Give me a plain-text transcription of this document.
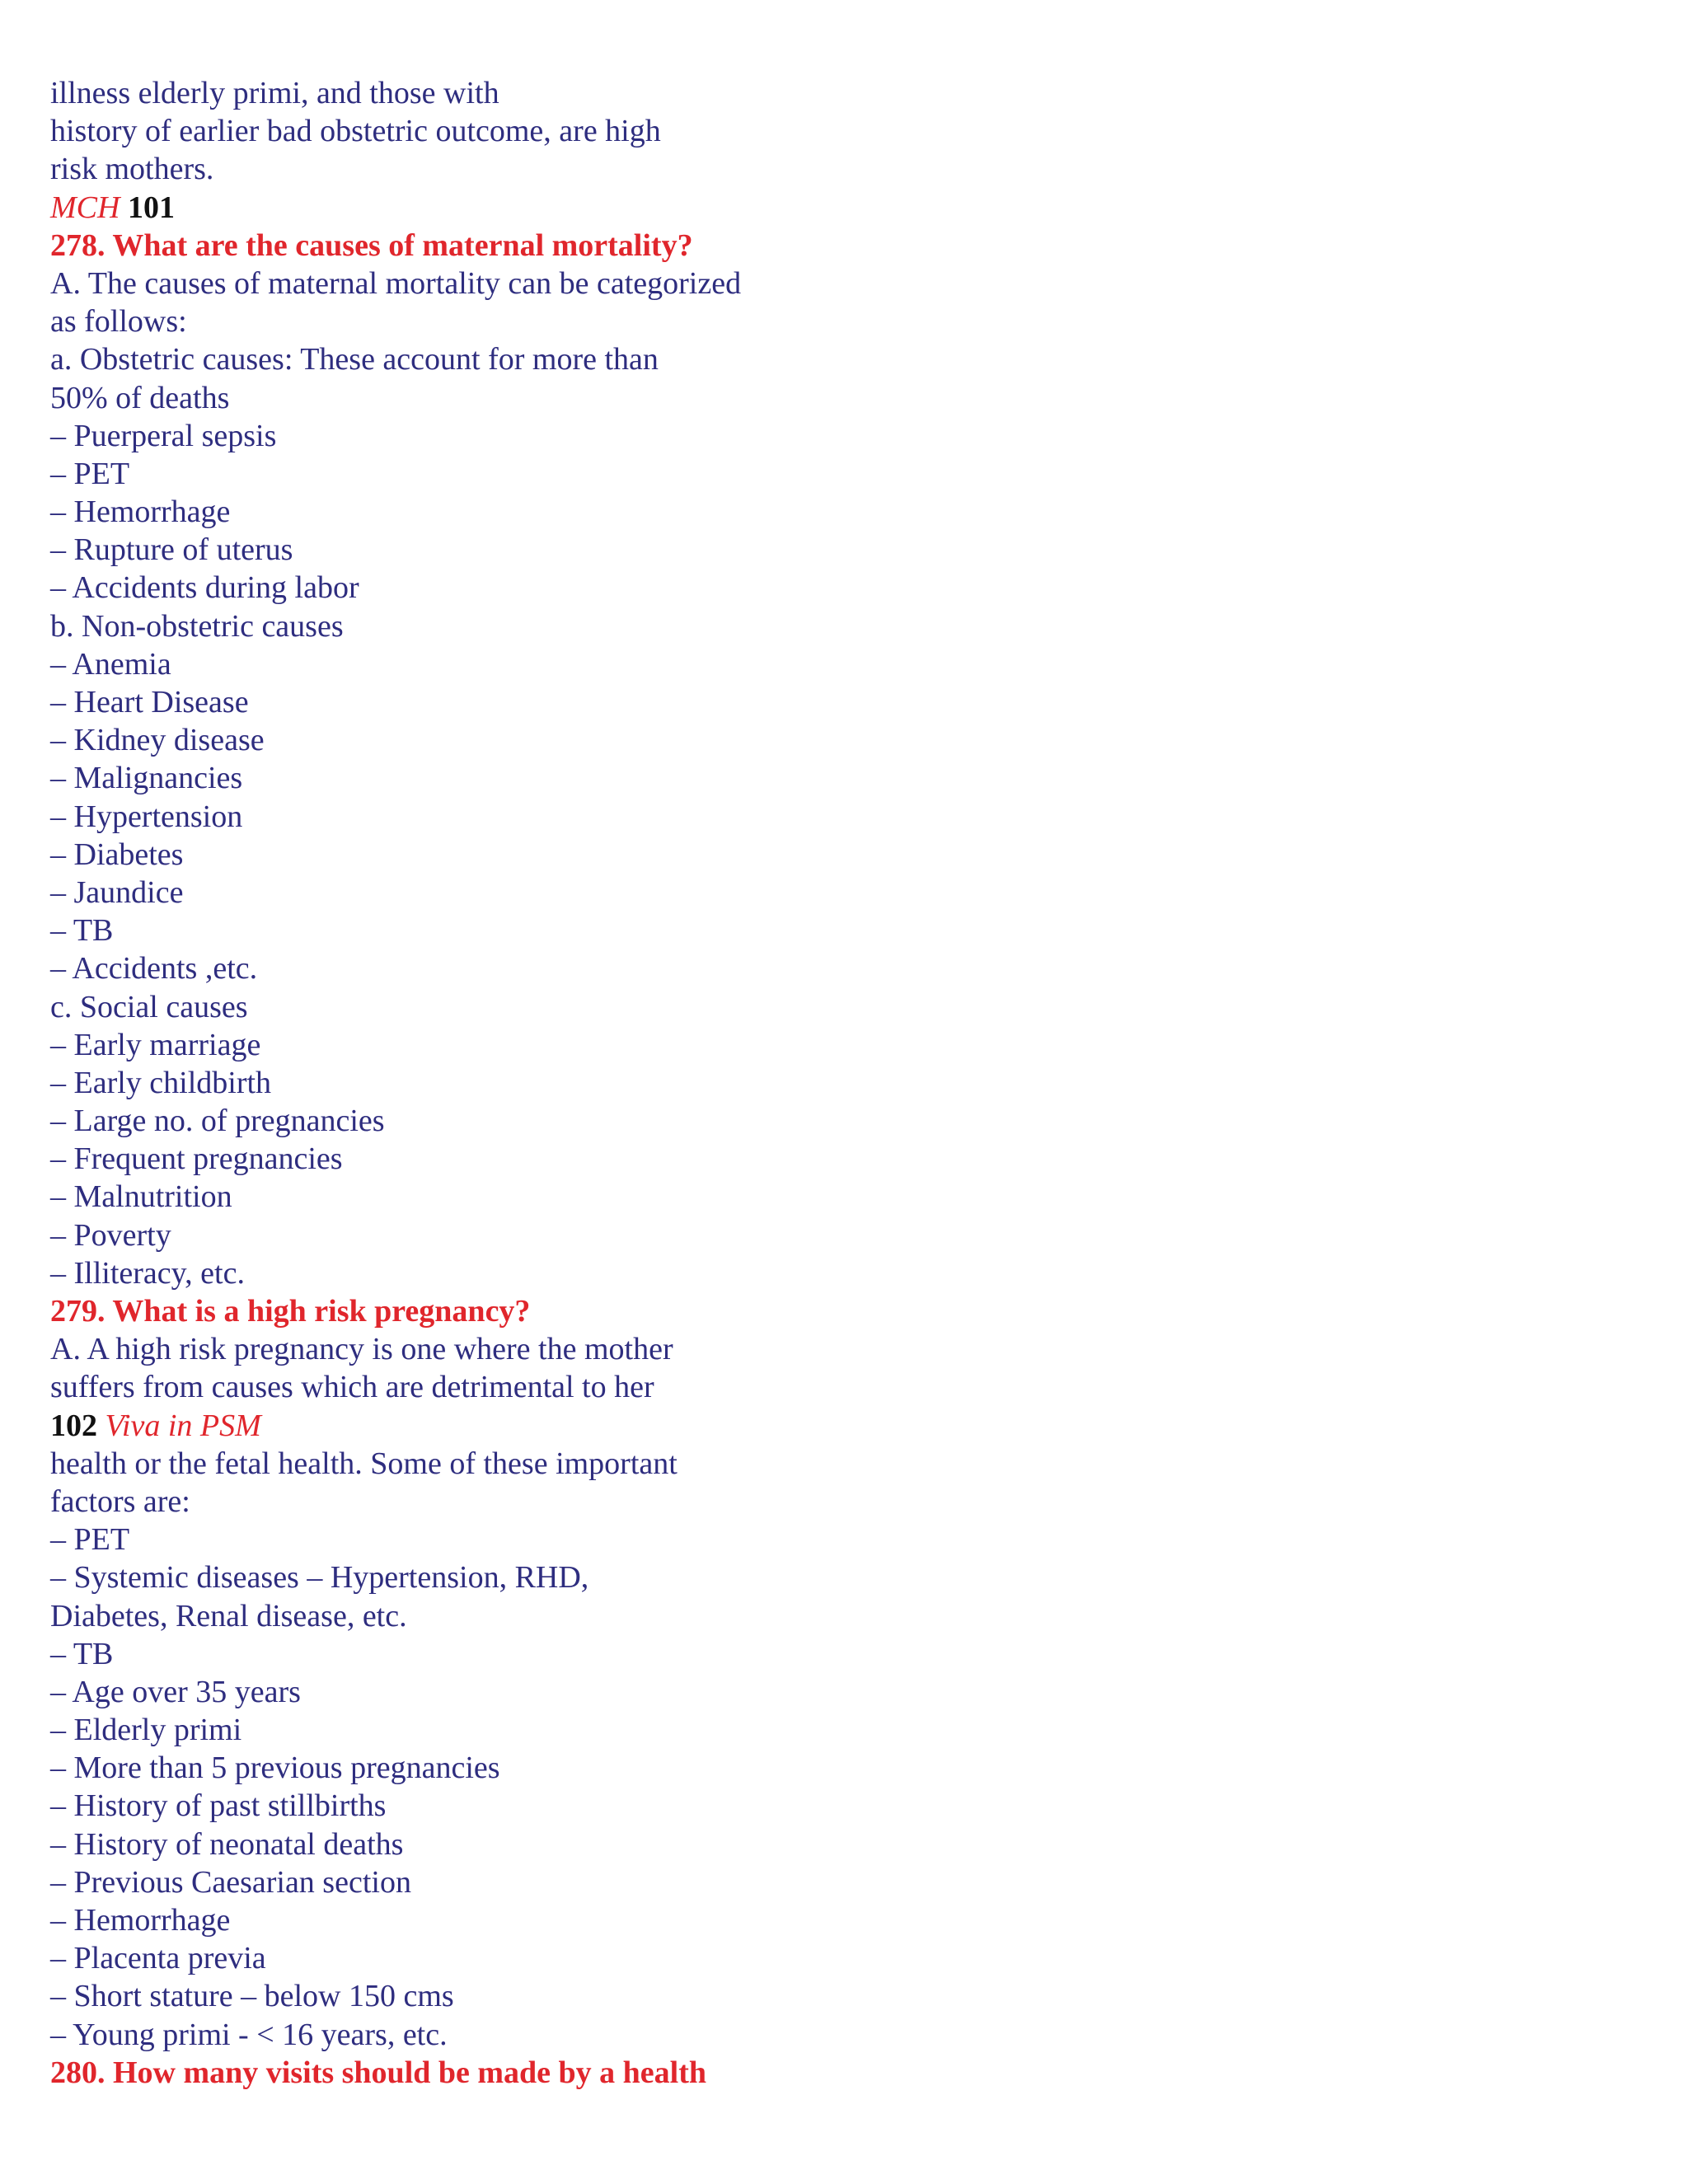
illness elderly primi, and those with
history of earlier bad obstetric outcome, are high
risk mothers.
MCH 101
278. What are the causes of maternal mortality?
A. The causes of maternal mortality can be categorized
as follows:
a. Obstetric causes: These account for more than
50% of deaths
– Puerperal sepsis
– PET
– Hemorrhage
– Rupture of uterus
– Accidents during labor
b. Non-obstetric causes
– Anemia
– Heart Disease
– Kidney disease
– Malignancies
– Hypertension
– Diabetes
– Jaundice
– TB
– Accidents ,etc.
c. Social causes
– Early marriage
– Early childbirth
– Large no. of pregnancies
– Frequent pregnancies
– Malnutrition
– Poverty
– Illiteracy, etc.
279. What is a high risk pregnancy?
A. A high risk pregnancy is one where the mother
suffers from causes which are detrimental to her
102 Viva in PSM
health or the fetal health. Some of these important
factors are:
– PET
– Systemic diseases – Hypertension, RHD,
Diabetes, Renal disease, etc.
– TB
– Age over 35 years
– Elderly primi
– More than 5 previous pregnancies
– History of past stillbirths
– History of neonatal deaths
– Previous Caesarian section
– Hemorrhage
– Placenta previa
– Short stature – below 150 cms
– Young primi - < 16 years, etc.
280. How many visits should be made by a health
